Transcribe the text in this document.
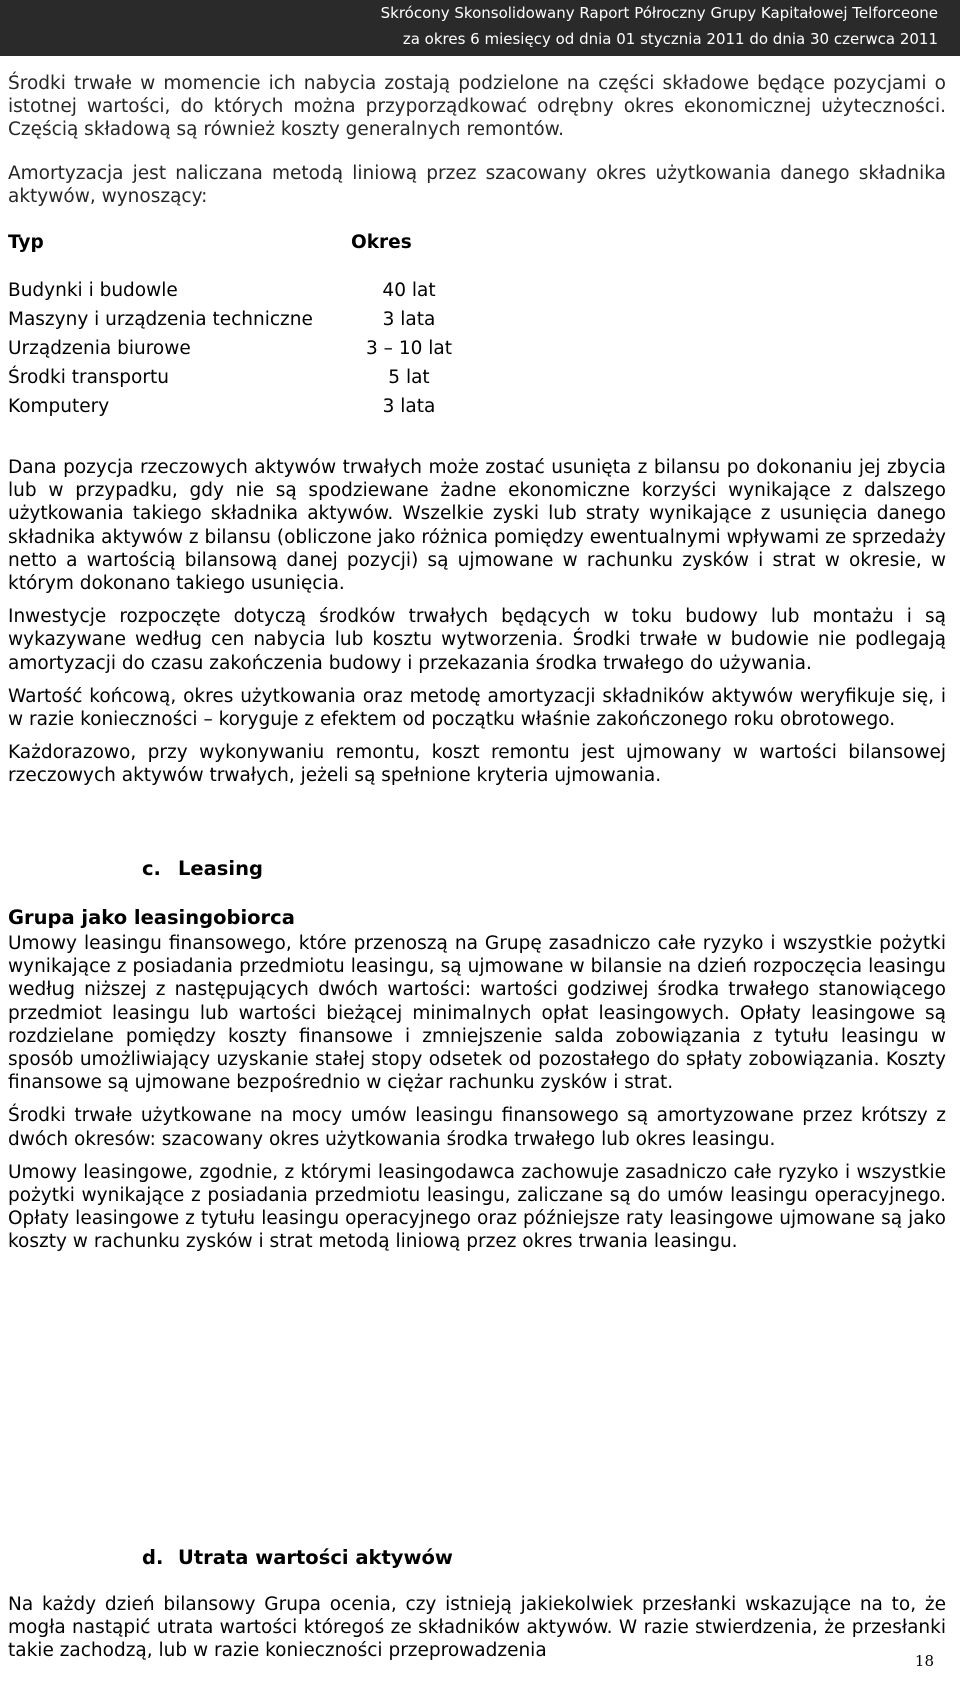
Skrócony Skonsolidowany Raport Półroczny Grupy Kapitałowej Telforceone
za okres 6 miesięcy od dnia 01 stycznia 2011 do dnia 30 czerwca 2011

Środki trwałe w momencie ich nabycia zostają podzielone na części składowe będące pozycjami o istotnej wartości, do których można przyporządkować odrębny okres ekonomicznej użyteczności. Częścią składową są również koszty generalnych remontów.

Amortyzacja jest naliczana metodą liniową przez szacowany okres użytkowania danego składnika aktywów, wynoszący:

Typ	Okres
Budynki i budowle	40 lat
Maszyny i urządzenia techniczne	3 lata
Urządzenia biurowe	3 – 10 lat
Środki transportu	5 lat
Komputery	3 lata

Dana pozycja rzeczowych aktywów trwałych może zostać usunięta z bilansu po dokonaniu jej zbycia lub w przypadku, gdy nie są spodziewane żadne ekonomiczne korzyści wynikające z dalszego użytkowania takiego składnika aktywów. Wszelkie zyski lub straty wynikające z usunięcia danego składnika aktywów z bilansu (obliczone jako różnica pomiędzy ewentualnymi wpływami ze sprzedaży netto a wartością bilansową danej pozycji) są ujmowane w rachunku zysków i strat w okresie, w którym dokonano takiego usunięcia.

Inwestycje rozpoczęte dotyczą środków trwałych będących w toku budowy lub montażu i są wykazywane według cen nabycia lub kosztu wytworzenia. Środki trwałe w budowie nie podlegają amortyzacji do czasu zakończenia budowy i przekazania środka trwałego do używania.

Wartość końcową, okres użytkowania oraz metodę amortyzacji składników aktywów weryfikuje się, i w razie konieczności – koryguje z efektem od początku właśnie zakończonego roku obrotowego.

Każdorazowo, przy wykonywaniu remontu, koszt remontu jest ujmowany w wartości bilansowej rzeczowych aktywów trwałych, jeżeli są spełnione kryteria ujmowania.

c. Leasing
Grupa jako leasingobiorca

Umowy leasingu finansowego, które przenoszą na Grupę zasadniczo całe ryzyko i wszystkie pożytki wynikające z posiadania przedmiotu leasingu, są ujmowane w bilansie na dzień rozpoczęcia leasingu według niższej z następujących dwóch wartości: wartości godziwej środka trwałego stanowiącego przedmiot leasingu lub wartości bieżącej minimalnych opłat leasingowych. Opłaty leasingowe są rozdzielane pomiędzy koszty finansowe i zmniejszenie salda zobowiązania z tytułu leasingu w sposób umożliwiający uzyskanie stałej stopy odsetek od pozostałego do spłaty zobowiązania. Koszty finansowe są ujmowane bezpośrednio w ciężar rachunku zysków i strat.

Środki trwałe użytkowane na mocy umów leasingu finansowego są amortyzowane przez krótszy z dwóch okresów: szacowany okres użytkowania środka trwałego lub okres leasingu.

Umowy leasingowe, zgodnie, z którymi leasingodawca zachowuje zasadniczo całe ryzyko i wszystkie pożytki wynikające z posiadania przedmiotu leasingu, zaliczane są do umów leasingu operacyjnego. Opłaty leasingowe z tytułu leasingu operacyjnego oraz późniejsze raty leasingowe ujmowane są jako koszty w rachunku zysków i strat metodą liniową przez okres trwania leasingu.

d. Utrata wartości aktywów

Na każdy dzień bilansowy Grupa ocenia, czy istnieją jakiekolwiek przesłanki wskazujące na to, że mogła nastąpić utrata wartości któregoś ze składników aktywów. W razie stwierdzenia, że przesłanki takie zachodzą, lub w razie konieczności przeprowadzenia	18
